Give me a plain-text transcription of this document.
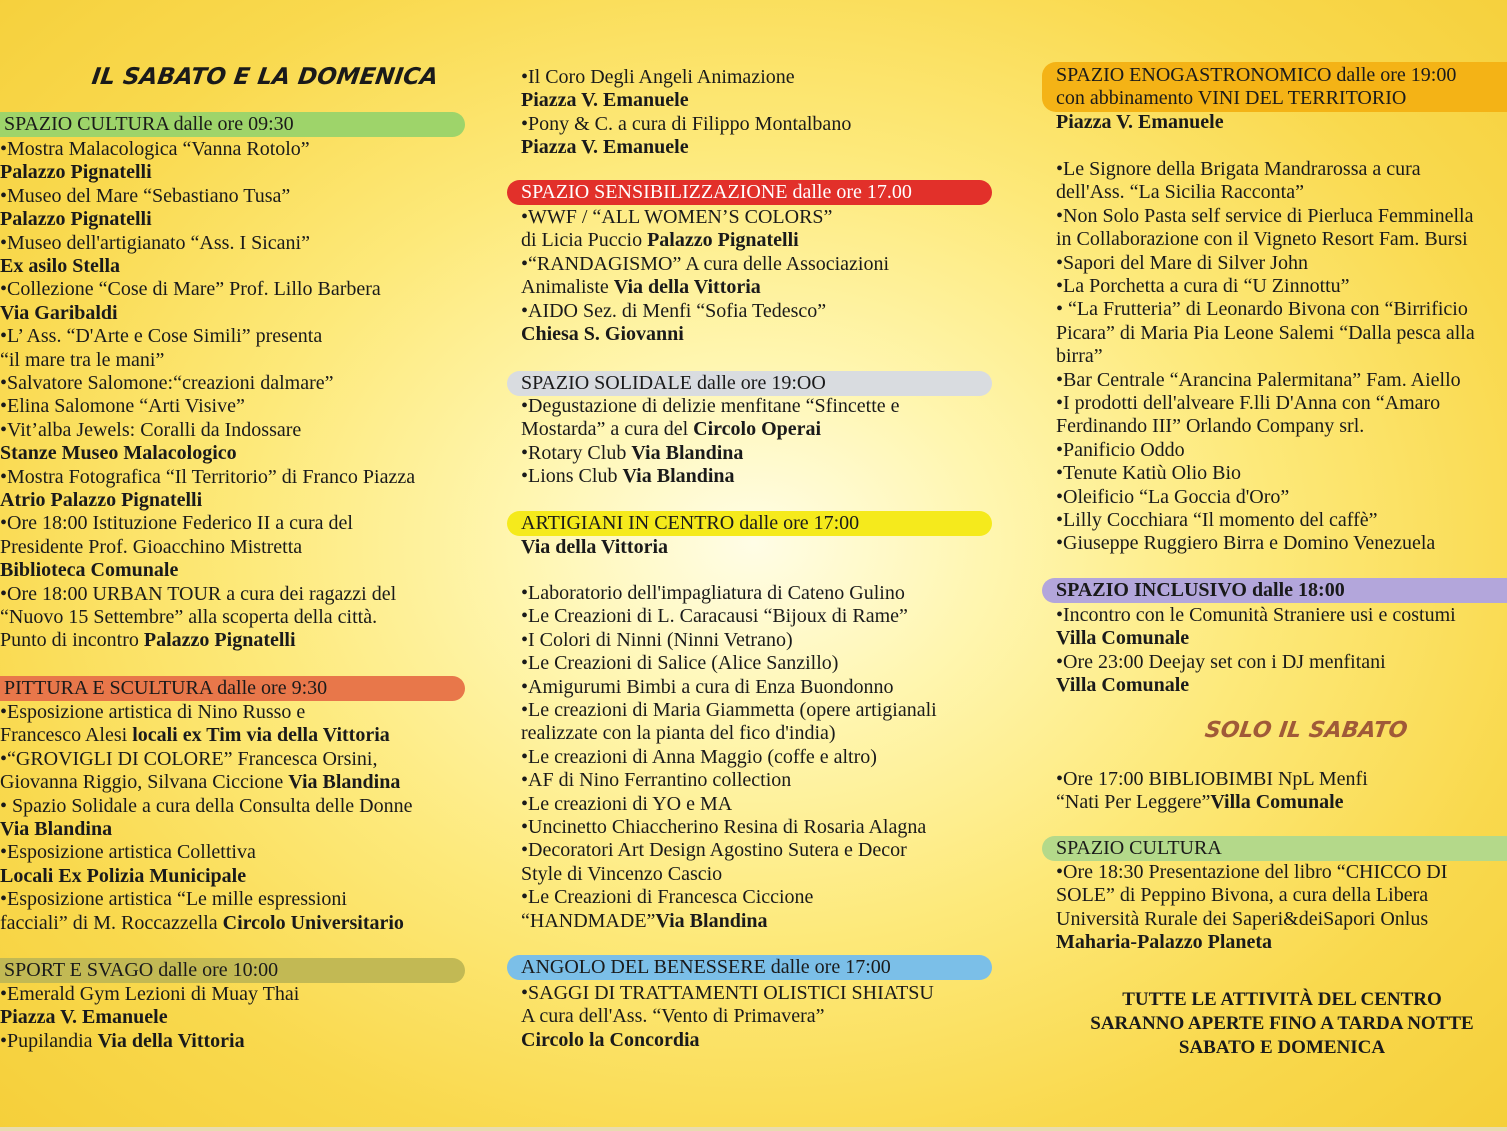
IL SABATO E LA DOMENICA
SPAZIO CULTURA dalle ore 09:30
•Mostra Malacologica “Vanna Rotolo”
Palazzo Pignatelli
•Museo del Mare “Sebastiano Tusa”
Palazzo Pignatelli
•Museo dell'artigianato “Ass. I Sicani”
Ex asilo Stella
•Collezione “Cose di Mare” Prof. Lillo Barbera
Via Garibaldi
•L’ Ass. “D'Arte e Cose Simili” presenta
“il mare tra le mani”
•Salvatore Salomone:“creazioni dalmare”
•Elina Salomone “Arti Visive”
•Vit’alba Jewels: Coralli da Indossare
Stanze Museo Malacologico
•Mostra Fotografica “Il Territorio” di Franco Piazza
Atrio Palazzo Pignatelli
•Ore 18:00 Istituzione Federico II a cura del
Presidente Prof. Gioacchino Mistretta
Biblioteca Comunale
•Ore 18:00 URBAN TOUR a cura dei ragazzi del
“Nuovo 15 Settembre” alla scoperta della città.
Punto di incontro Palazzo Pignatelli
PITTURA E SCULTURA dalle ore 9:30
•Esposizione artistica di Nino Russo e
Francesco Alesi locali ex Tim via della Vittoria
•“GROVIGLI DI COLORE” Francesca Orsini,
Giovanna Riggio, Silvana Ciccione Via Blandina
• Spazio Solidale a cura della Consulta delle Donne
Via Blandina
•Esposizione artistica Collettiva
Locali Ex Polizia Municipale
•Esposizione artistica “Le mille espressioni
facciali” di M. Roccazzella Circolo Universitario
SPORT E SVAGO dalle ore 10:00
•Emerald Gym Lezioni di Muay Thai
Piazza V. Emanuele
•Pupilandia Via della Vittoria
•Il Coro Degli Angeli Animazione
Piazza V. Emanuele
•Pony & C. a cura di Filippo Montalbano
Piazza V. Emanuele
SPAZIO SENSIBILIZZAZIONE dalle ore 17.00
•WWF / “ALL WOMEN’S COLORS”
di Licia Puccio Palazzo Pignatelli
•“RANDAGISMO” A cura delle Associazioni
Animaliste Via della Vittoria
•AIDO Sez. di Menfi “Sofia Tedesco”
Chiesa S. Giovanni
SPAZIO SOLIDALE dalle ore 19:OO
•Degustazione di delizie menfitane “Sfincette e
Mostarda” a cura del Circolo Operai
•Rotary Club Via Blandina
•Lions Club Via Blandina
ARTIGIANI IN CENTRO dalle ore 17:00
Via della Vittoria
•Laboratorio dell'impagliatura di Cateno Gulino
•Le Creazioni di L. Caracausi “Bijoux di Rame”
•I Colori di Ninni (Ninni Vetrano)
•Le Creazioni di Salice (Alice Sanzillo)
•Amigurumi Bimbi a cura di Enza Buondonno
•Le creazioni di Maria Giammetta (opere artigianali
realizzate con la pianta del fico d'india)
•Le creazioni di Anna Maggio (coffe e altro)
•AF di Nino Ferrantino collection
•Le creazioni di YO e MA
•Uncinetto Chiaccherino Resina di Rosaria Alagna
•Decoratori Art Design Agostino Sutera e Decor
Style di Vincenzo Cascio
•Le Creazioni di Francesca Ciccione
“HANDMADE”Via Blandina
ANGOLO DEL BENESSERE dalle ore 17:00
•SAGGI DI TRATTAMENTI OLISTICI SHIATSU
A cura dell'Ass. “Vento di Primavera”
Circolo la Concordia
SPAZIO ENOGASTRONOMICO dalle ore 19:00
con abbinamento VINI DEL TERRITORIO
Piazza V. Emanuele
•Le Signore della Brigata Mandrarossa a cura
dell'Ass. “La Sicilia Racconta”
•Non Solo Pasta self service di Pierluca Femminella
in Collaborazione con il Vigneto Resort Fam. Bursi
•Sapori del Mare di Silver John
•La Porchetta a cura di “U Zinnottu”
• “La Frutteria” di Leonardo Bivona con “Birrificio
Picara” di Maria Pia Leone Salemi “Dalla pesca alla
birra”
•Bar Centrale “Arancina Palermitana” Fam. Aiello
•I prodotti dell'alveare F.lli D'Anna con “Amaro
Ferdinando III” Orlando Company srl.
•Panificio Oddo
•Tenute Katiù Olio Bio
•Oleificio “La Goccia d'Oro”
•Lilly Cocchiara “Il momento del caffè”
•Giuseppe Ruggiero Birra e Domino Venezuela
SPAZIO INCLUSIVO dalle 18:00
•Incontro con le Comunità Straniere usi e costumi
Villa Comunale
•Ore 23:00 Deejay set con i DJ menfitani
Villa Comunale
SOLO IL SABATO
•Ore 17:00 BIBLIOBIMBI NpL Menfi
“Nati Per Leggere”Villa Comunale
SPAZIO CULTURA
•Ore 18:30 Presentazione del libro “CHICCO DI
SOLE” di Peppino Bivona, a cura della Libera
Università Rurale dei Saperi&deiSapori Onlus
Maharia-Palazzo Planeta
TUTTE LE ATTIVITÀ DEL CENTRO
SARANNO APERTE FINO A TARDA NOTTE
SABATO E DOMENICA
